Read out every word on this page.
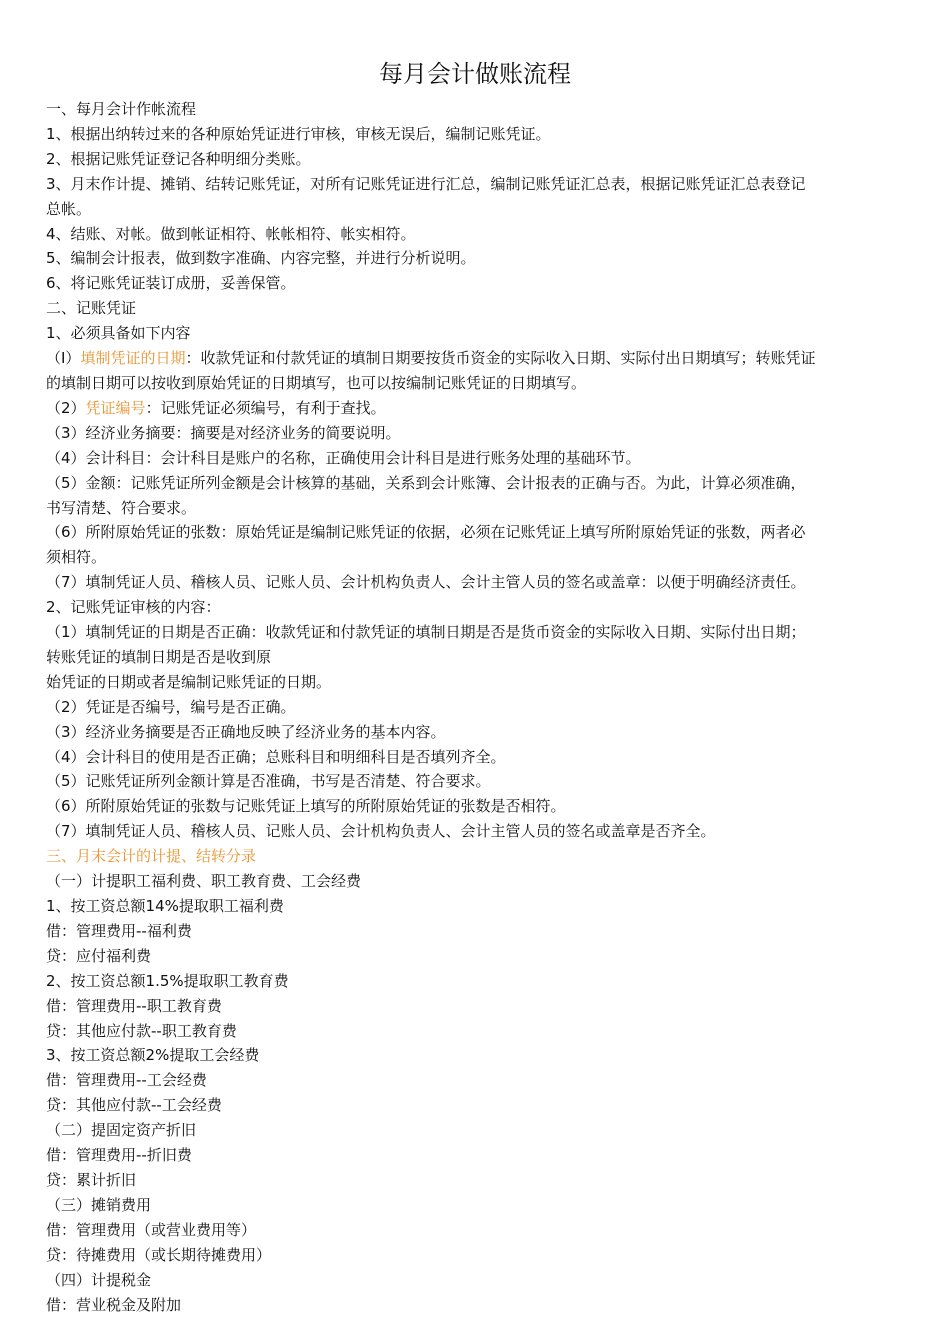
每月会计做账流程

一、每月会计作帐流程

1、根据出纳转过来的各种原始凭证进行审核，审核无误后，编制记账凭证。

2、根据记账凭证登记各种明细分类账。

3、月末作计提、摊销、结转记账凭证，对所有记账凭证进行汇总，编制记账凭证汇总表，根据记账凭证汇总表登记

总帐。

4、结账、对帐。做到帐证相符、帐帐相符、帐实相符。

5、编制会计报表，做到数字准确、内容完整，并进行分析说明。

6、将记账凭证装订成册，妥善保管。

二、记账凭证

1、必须具备如下内容

（I）填制凭证的日期：收款凭证和付款凭证的填制日期要按货币资金的实际收入日期、实际付出日期填写；转账凭证

的填制日期可以按收到原始凭证的日期填写，也可以按编制记账凭证的日期填写。

（2）凭证编号：记账凭证必须编号，有利于查找。

（3）经济业务摘要：摘要是对经济业务的简要说明。

（4）会计科目：会计科目是账户的名称，正确使用会计科目是进行账务处理的基础环节。

（5）金额：记账凭证所列金额是会计核算的基础，关系到会计账簿、会计报表的正确与否。为此，计算必须准确，

书写清楚、符合要求。

（6）所附原始凭证的张数：原始凭证是编制记账凭证的依据，必须在记账凭证上填写所附原始凭证的张数，两者必

须相符。

（7）填制凭证人员、稽核人员、记账人员、会计机构负责人、会计主管人员的签名或盖章：以便于明确经济责任。

2、记账凭证审核的内容：

（1）填制凭证的日期是否正确：收款凭证和付款凭证的填制日期是否是货币资金的实际收入日期、实际付出日期；

转账凭证的填制日期是否是收到原

始凭证的日期或者是编制记账凭证的日期。

（2）凭证是否编号，编号是否正确。

（3）经济业务摘要是否正确地反映了经济业务的基本内容。

（4）会计科目的使用是否正确；总账科目和明细科目是否填列齐全。

（5）记账凭证所列金额计算是否准确，书写是否清楚、符合要求。

（6）所附原始凭证的张数与记账凭证上填写的所附原始凭证的张数是否相符。

（7）填制凭证人员、稽核人员、记账人员、会计机构负责人、会计主管人员的签名或盖章是否齐全。

三、月末会计的计提、结转分录

（一）计提职工福利费、职工教育费、工会经费

1、按工资总额14%提取职工福利费

借：管理费用--福利费

贷：应付福利费

2、按工资总额1.5%提取职工教育费

借：管理费用--职工教育费

贷：其他应付款--职工教育费

3、按工资总额2%提取工会经费

借：管理费用--工会经费

贷：其他应付款--工会经费

（二）提固定资产折旧

借：管理费用--折旧费

贷：累计折旧

（三）摊销费用

借：管理费用（或营业费用等）

贷：待摊费用（或长期待摊费用）

（四）计提税金

借：营业税金及附加
